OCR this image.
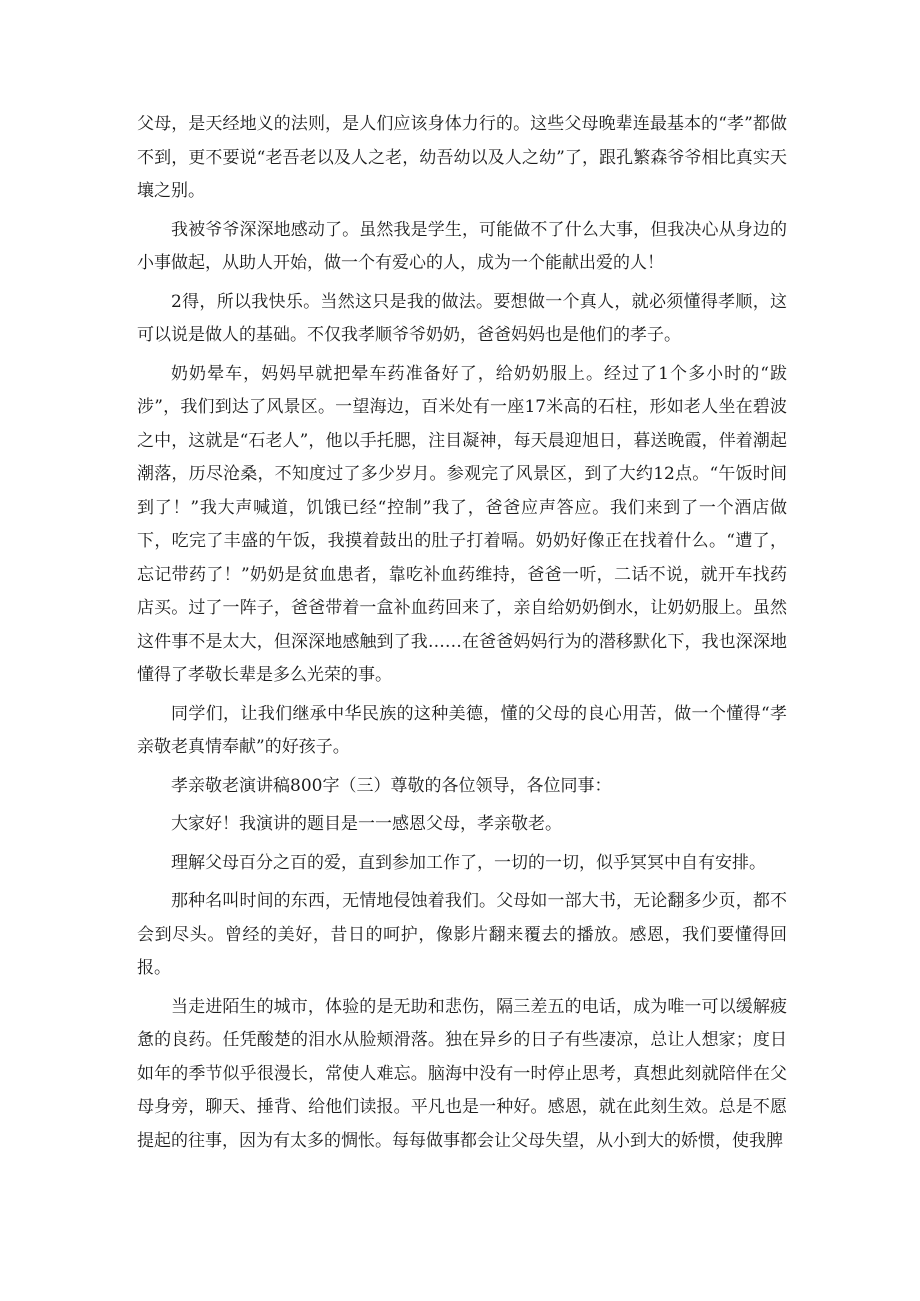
父母，是天经地义的法则，是人们应该身体力行的。这些父母晚辈连最基本的“孝”都做不到，更不要说“老吾老以及人之老，幼吾幼以及人之幼”了，跟孔繁森爷爷相比真实天壤之别。

我被爷爷深深地感动了。虽然我是学生，可能做不了什么大事，但我决心从身边的小事做起，从助人开始，做一个有爱心的人，成为一个能献出爱的人！

2得，所以我快乐。当然这只是我的做法。要想做一个真人，就必须懂得孝顺，这可以说是做人的基础。不仅我孝顺爷爷奶奶，爸爸妈妈也是他们的孝子。

奶奶晕车，妈妈早就把晕车药准备好了，给奶奶服上。经过了1个多小时的“跋涉”，我们到达了风景区。一望海边，百米处有一座17米高的石柱，形如老人坐在碧波之中，这就是“石老人”，他以手托腮，注目凝神，每天晨迎旭日，暮送晚霞，伴着潮起潮落，历尽沧桑，不知度过了多少岁月。参观完了风景区，到了大约12点。“午饭时间到了！”我大声喊道，饥饿已经“控制”我了，爸爸应声答应。我们来到了一个酒店做下，吃完了丰盛的午饭，我摸着鼓出的肚子打着嗝。奶奶好像正在找着什么。“遭了，忘记带药了！”奶奶是贫血患者，靠吃补血药维持，爸爸一听，二话不说，就开车找药店买。过了一阵子，爸爸带着一盒补血药回来了，亲自给奶奶倒水，让奶奶服上。虽然这件事不是太大，但深深地感触到了我……在爸爸妈妈行为的潜移默化下，我也深深地懂得了孝敬长辈是多么光荣的事。

同学们，让我们继承中华民族的这种美德，懂的父母的良心用苦，做一个懂得“孝亲敬老真情奉献”的好孩子。

孝亲敬老演讲稿800字（三）尊敬的各位领导，各位同事：

大家好！我演讲的题目是一一感恩父母，孝亲敬老。

理解父母百分之百的爱，直到参加工作了，一切的一切，似乎冥冥中自有安排。

那种名叫时间的东西，无情地侵蚀着我们。父母如一部大书，无论翻多少页，都不会到尽头。曾经的美好，昔日的呵护，像影片翻来覆去的播放。感恩，我们要懂得回报。

当走进陌生的城市，体验的是无助和悲伤，隔三差五的电话，成为唯一可以缓解疲惫的良药。任凭酸楚的泪水从脸颊滑落。独在异乡的日子有些凄凉，总让人想家；度日如年的季节似乎很漫长，常使人难忘。脑海中没有一时停止思考，真想此刻就陪伴在父母身旁，聊天、捶背、给他们读报。平凡也是一种好。感恩，就在此刻生效。总是不愿提起的往事，因为有太多的惆怅。每每做事都会让父母失望，从小到大的娇惯，使我脾
